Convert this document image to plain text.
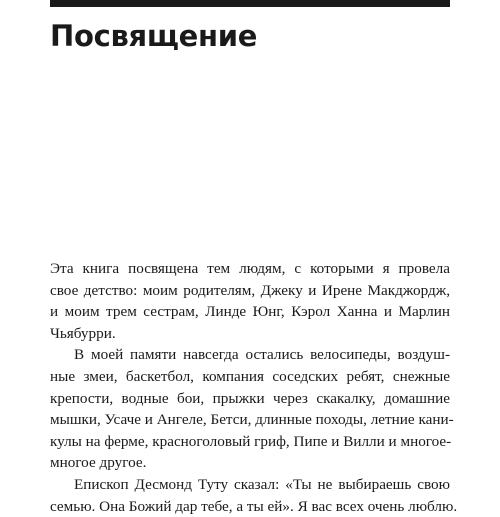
Посвящение

Эта книга посвящена тем людям, с которыми я провела
свое детство: моим родителям, Джеку и Ирене Макджордж,
и моим трем сестрам, Линде Юнг, Кэрол Ханна и Марлин
Чьябурри.

В моей памяти навсегда остались велосипеды, воздуш-
ные змеи, баскетбол, компания соседских ребят, снежные
крепости, водные бои, прыжки через скакалку, домашние
мышки, Усаче и Ангеле, Бетси, длинные походы, летние кани-
кулы на ферме, красноголовый гриф, Пипе и Вилли и многое-
многое другое.

Епископ Десмонд Туту сказал: «Ты не выбираешь свою
семью. Она Божий дар тебе, а ты ей». Я вас всех очень люблю.
